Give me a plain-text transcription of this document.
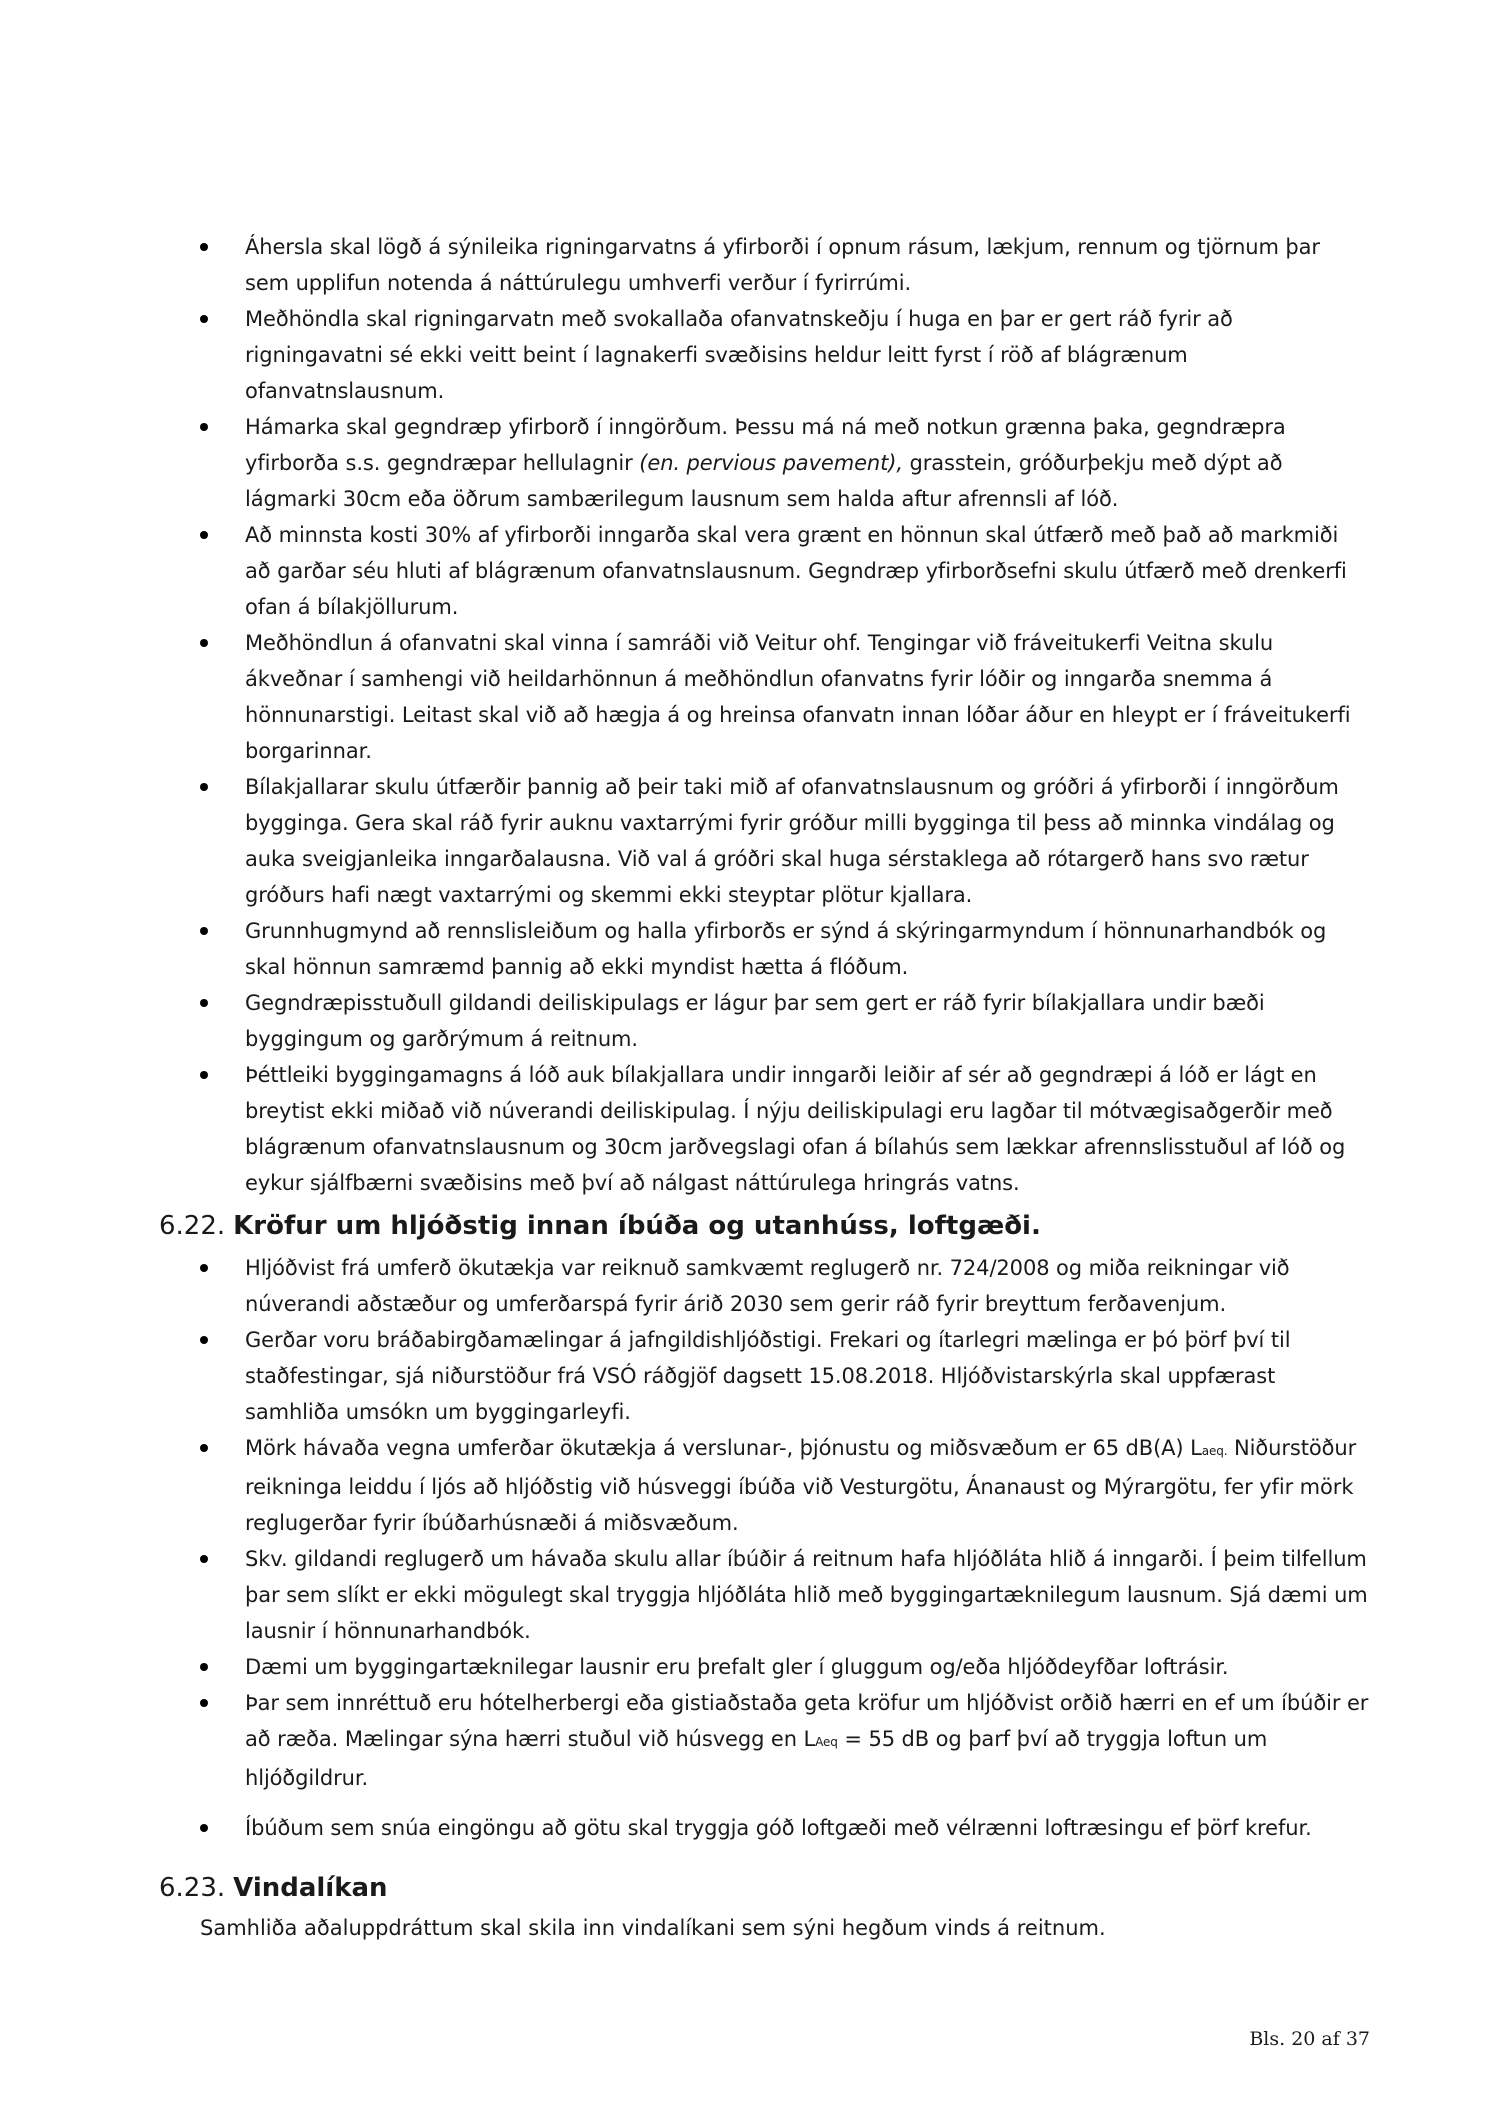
Áhersla skal lögð á sýnileika rigningarvatns á yfirborði í opnum rásum, lækjum, rennum og tjörnum þar sem upplifun notenda á náttúrulegu umhverfi verður í fyrirrúmi.
Meðhöndla skal rigningarvatn með svokallaða ofanvatnskeðju í huga en þar er gert ráð fyrir að rigningavatni sé ekki veitt beint í lagnakerfi svæðisins heldur leitt fyrst í röð af blágrænum ofanvatnslausnum.
Hámarka skal gegndræp yfirborð í inngörðum. Þessu má ná með notkun grænna þaka, gegndræpra yfirborða s.s. gegndræpar hellulagnir (en. pervious pavement), grasstein, gróðurþekju með dýpt að lágmarki 30cm eða öðrum sambærilegum lausnum sem halda aftur afrennsli af lóð.
Að minnsta kosti 30% af yfirborði inngarða skal vera grænt en hönnun skal útfærð með það að markmiði að garðar séu hluti af blágrænum ofanvatnslausnum. Gegndræp yfirborðsefni skulu útfærð með drenkerfi ofan á bílakjöllurum.
Meðhöndlun á ofanvatni skal vinna í samráði við Veitur ohf. Tengingar við fráveitukerfi Veitna skulu ákveðnar í samhengi við heildarhönnun á meðhöndlun ofanvatns fyrir lóðir og inngarða snemma á hönnunarstigi. Leitast skal við að hægja á og hreinsa ofanvatn innan lóðar áður en hleypt er í fráveitukerfi borgarinnar.
Bílakjallarar skulu útfærðir þannig að þeir taki mið af ofanvatnslausnum og gróðri á yfirborði í inngörðum bygginga. Gera skal ráð fyrir auknu vaxtarrými fyrir gróður milli bygginga til þess að minnka vindálag og auka sveigjanleika inngarðalausna. Við val á gróðri skal huga sérstaklega að rótargerð hans svo rætur gróðurs hafi nægt vaxtarrými og skemmi ekki steyptar plötur kjallara.
Grunnhugmynd að rennslisleiðum og halla yfirborðs er sýnd á skýringarmyndum í hönnunarhandbók og skal hönnun samræmd þannig að ekki myndist hætta á flóðum.
Gegndræpisstuðull gildandi deiliskipulags er lágur þar sem gert er ráð fyrir bílakjallara undir bæði byggingum og garðrýmum á reitnum.
Þéttleiki byggingamagns á lóð auk bílakjallara undir inngarði leiðir af sér að gegndræpi á lóð er lágt en breytist ekki miðað við núverandi deiliskipulag. Í nýju deiliskipulagi eru lagðar til mótvægisaðgerðir með blágrænum ofanvatnslausnum og 30cm jarðvegslagi ofan á bílahús sem lækkar afrennslisstuðul af lóð og eykur sjálfbærni svæðisins með því að nálgast náttúrulega hringrás vatns.
6.22. Kröfur um hljóðstig innan íbúða og utanhúss, loftgæði.
Hljóðvist frá umferð ökutækja var reiknuð samkvæmt reglugerð nr. 724/2008 og miða reikningar við núverandi aðstæður og umferðarspá fyrir árið 2030 sem gerir ráð fyrir breyttum ferðavenjum.
Gerðar voru bráðabirgðamælingar á jafngildishljóðstigi. Frekari og ítarlegri mælinga er þó þörf því til staðfestingar, sjá niðurstöður frá VSÓ ráðgjöf dagsett 15.08.2018. Hljóðvistarskýrla skal uppfærast samhliða umsókn um byggingarleyfi.
Mörk hávaða vegna umferðar ökutækja á verslunar-, þjónustu og miðsvæðum er 65 dB(A) Laeq. Niðurstöður reikninga leiddu í ljós að hljóðstig við húsveggi íbúða við Vesturgötu, Ánanaust og Mýrargötu, fer yfir mörk reglugerðar fyrir íbúðarhúsnæði á miðsvæðum.
Skv. gildandi reglugerð um hávaða skulu allar íbúðir á reitnum hafa hljóðláta hlið á inngarði. Í þeim tilfellum þar sem slíkt er ekki mögulegt skal tryggja hljóðláta hlið með byggingartæknilegum lausnum. Sjá dæmi um lausnir í hönnunarhandbók.
Dæmi um byggingartæknilegar lausnir eru þrefalt gler í gluggum og/eða hljóðdeyfðar loftrásir.
Þar sem innréttuð eru hótelherbergi eða gistiaðstaða geta kröfur um hljóðvist orðið hærri en ef um íbúðir er að ræða. Mælingar sýna hærri stuðul við húsvegg en LAeq = 55 dB og þarf því að tryggja loftun um hljóðgildrur.
Íbúðum sem snúa eingöngu að götu skal tryggja góð loftgæði með vélrænni loftræsingu ef þörf krefur.
6.23. Vindalíkan
Samhliða aðaluppdráttum skal skila inn vindalíkani sem sýni hegðum vinds á reitnum.
Bls. 20 af 37
